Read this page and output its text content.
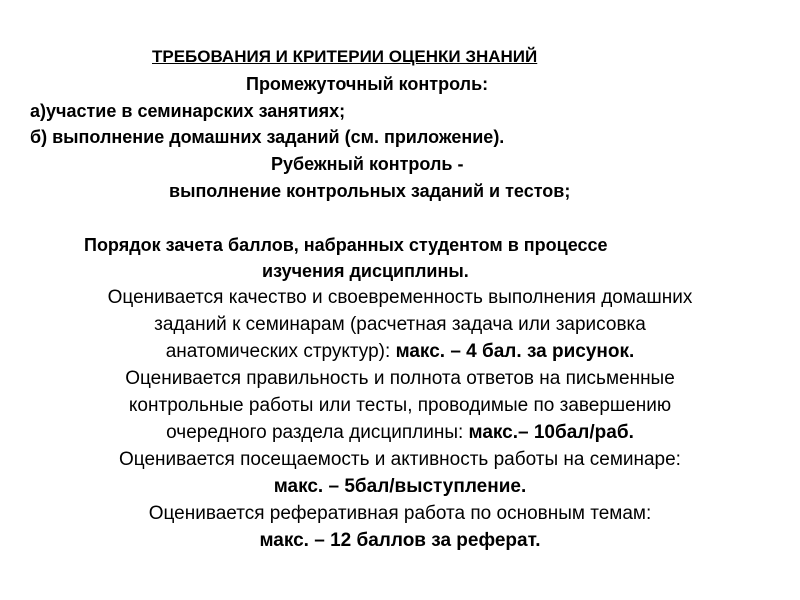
ТРЕБОВАНИЯ И КРИТЕРИИ ОЦЕНКИ ЗНАНИЙ
Промежуточный контроль:
а)участие в семинарских занятиях;
б) выполнение домашних заданий (см. приложение).
Рубежный контроль -
выполнение контрольных заданий и тестов;
Порядок зачета баллов, набранных студентом в процессе
изучения дисциплины.
Оценивается качество и своевременность выполнения домашних
заданий к семинарам (расчетная задача или зарисовка
анатомических структур): макс. – 4 бал. за рисунок.
Оценивается правильность и полнота ответов на письменные
контрольные работы или тесты, проводимые по завершению
очередного раздела дисциплины: макс.– 10бал/раб.
Оценивается посещаемость и активность работы на семинаре:
макс. – 5бал/выступление.
Оценивается реферативная работа по основным темам:
макс. – 12 баллов за реферат.
